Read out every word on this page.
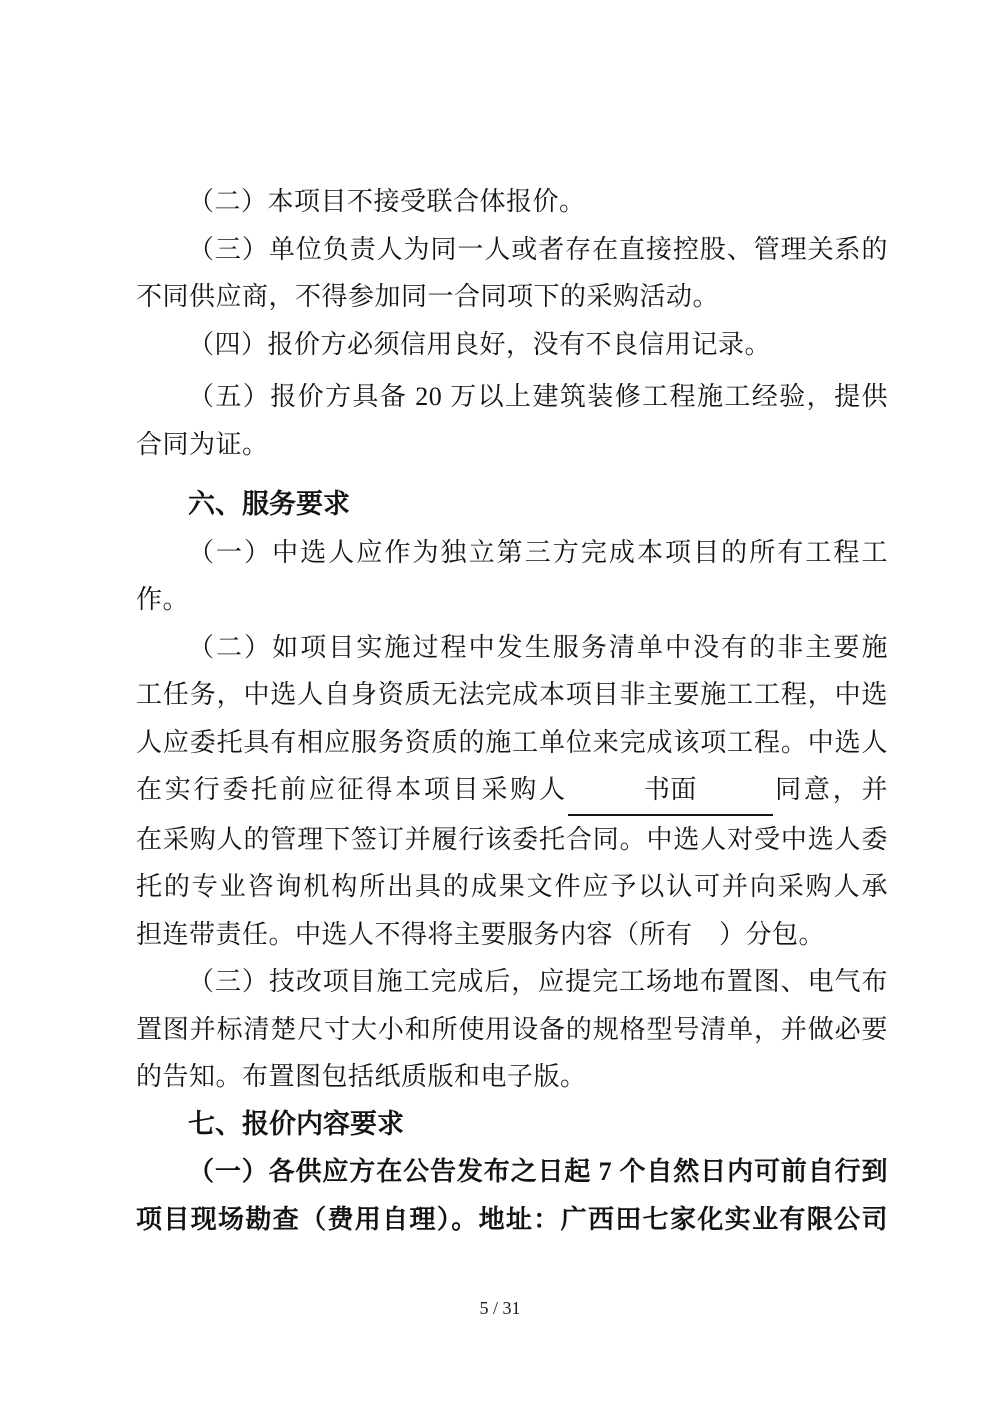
（二）本项目不接受联合体报价。
（三）单位负责人为同一人或者存在直接控股、管理关系的
不同供应商，不得参加同一合同项下的采购活动。
（四）报价方必须信用良好，没有不良信用记录。
（五）报价方具备 20 万以上建筑装修工程施工经验，提供
合同为证。
六、服务要求
（一）中选人应作为独立第三方完成本项目的所有工程工
作。
（二）如项目实施过程中发生服务清单中没有的非主要施
工任务，中选人自身资质无法完成本项目非主要施工工程，中选
人应委托具有相应服务资质的施工单位来完成该项工程。中选人
在实行委托前应征得本项目采购人	书面	同意，并
在采购人的管理下签订并履行该委托合同。中选人对受中选人委
托的专业咨询机构所出具的成果文件应予以认可并向采购人承
担连带责任。中选人不得将主要服务内容（所有　）分包。
（三）技改项目施工完成后，应提完工场地布置图、电气布
置图并标清楚尺寸大小和所使用设备的规格型号清单，并做必要
的告知。布置图包括纸质版和电子版。
七、报价内容要求
（一）各供应方在公告发布之日起 7 个自然日内可前自行到
项目现场勘查（费用自理）。地址：广西田七家化实业有限公司
5 / 31
